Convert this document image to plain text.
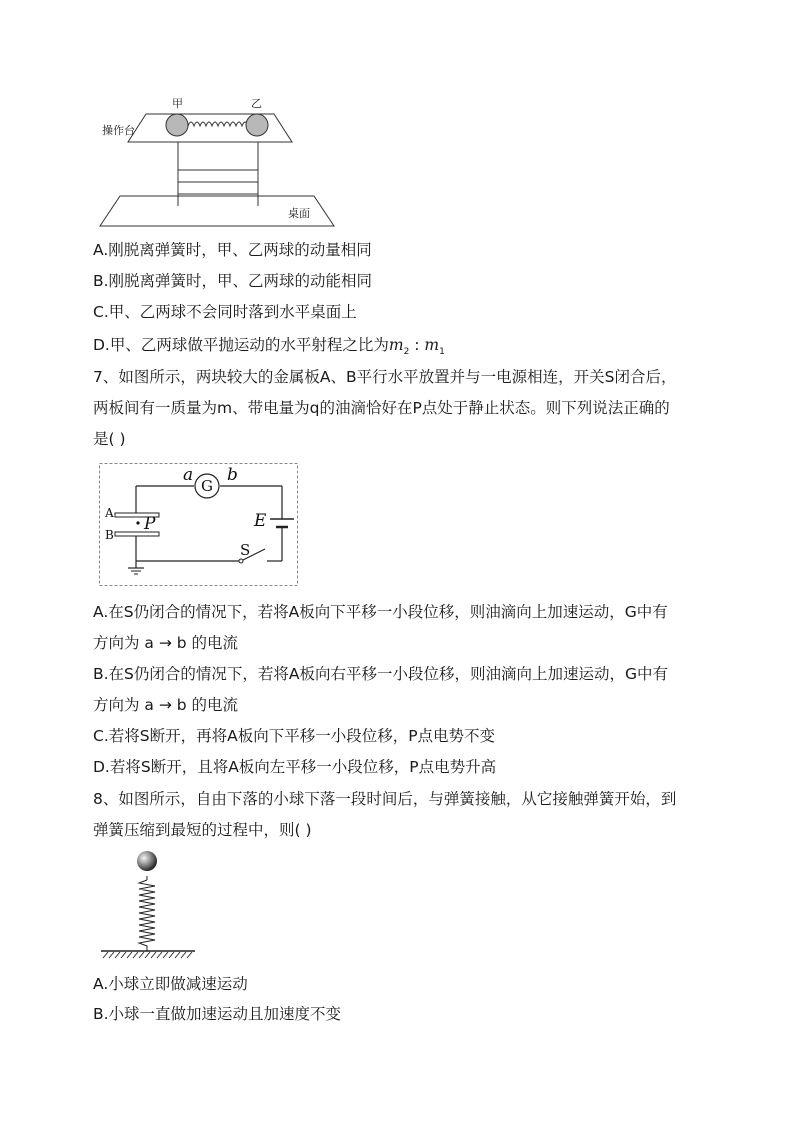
甲	乙
操作台
桌面
A.刚脱离弹簧时，甲、乙两球的动量相同
B.刚脱离弹簧时，甲、乙两球的动能相同
C.甲、乙两球不会同时落到水平桌面上
D.甲、乙两球做平抛运动的水平射程之比为$m_2$ : $m_1$
7、如图所示，两块较大的金属板A、B平行水平放置并与一电源相连，开关S闭合后，
两板间有一质量为m、带电量为q的油滴恰好在P点处于静止状态。则下列说法正确的
是( )
G
a b
A
B
P
S
E
A.在S仍闭合的情况下，若将A板向下平移一小段位移，则油滴向上加速运动，G中有
方向为 a → b 的电流
B.在S仍闭合的情况下，若将A板向右平移一小段位移，则油滴向上加速运动，G中有
方向为 a → b 的电流
C.若将S断开，再将A板向下平移一小段位移，P点电势不变
D.若将S断开，且将A板向左平移一小段位移，P点电势升高
8、如图所示，自由下落的小球下落一段时间后，与弹簧接触，从它接触弹簧开始，到
弹簧压缩到最短的过程中，则( )
A.小球立即做减速运动
B.小球一直做加速运动且加速度不变
